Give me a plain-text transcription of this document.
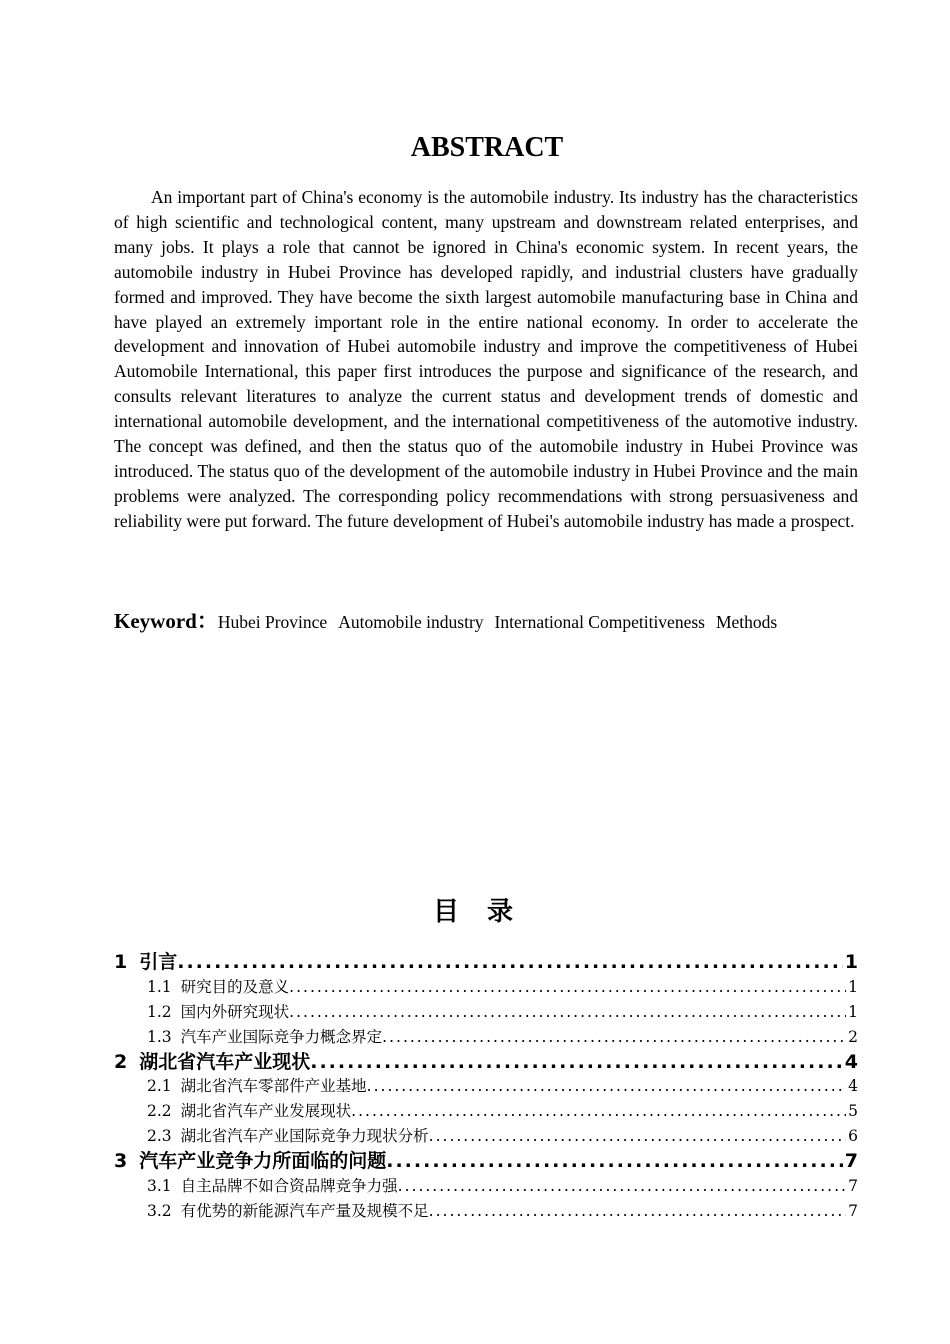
ABSTRACT

An important part of China's economy is the automobile industry. Its industry has the characteristics of high scientific and technological content, many upstream and downstream related enterprises, and many jobs. It plays a role that cannot be ignored in China's economic system. In recent years, the automobile industry in Hubei Province has developed rapidly, and industrial clusters have gradually formed and improved. They have become the sixth largest automobile manufacturing base in China and have played an extremely important role in the entire national economy. In order to accelerate the development and innovation of Hubei automobile industry and improve the competitiveness of Hubei Automobile International, this paper first introduces the purpose and significance of the research, and consults relevant literatures to analyze the current status and development trends of domestic and international automobile development, and the international competitiveness of the automotive industry. The concept was defined, and then the status quo of the automobile industry in Hubei Province was introduced. The status quo of the development of the automobile industry in Hubei Province and the main problems were analyzed. The corresponding policy recommendations with strong persuasiveness and reliability were put forward. The future development of Hubei's automobile industry has made a prospect.

Keyword：Hubei Province Automobile industry International Competitiveness Methods
目录
1 引言 .....	1
1.1 研究目的及意义 .....	1
1.2 国内外研究现状 .....	1
1.3 汽车产业国际竞争力概念界定 .....	2
2 湖北省汽车产业现状 .....	4
2.1 湖北省汽车零部件产业基地 .....	4
2.2 湖北省汽车产业发展现状 .....	5
2.3 湖北省汽车产业国际竞争力现状分析 .....	6
3 汽车产业竞争力所面临的问题 .....	7
3.1 自主品牌不如合资品牌竞争力强 .....	7
3.2 有优势的新能源汽车产量及规模不足 .....	7
